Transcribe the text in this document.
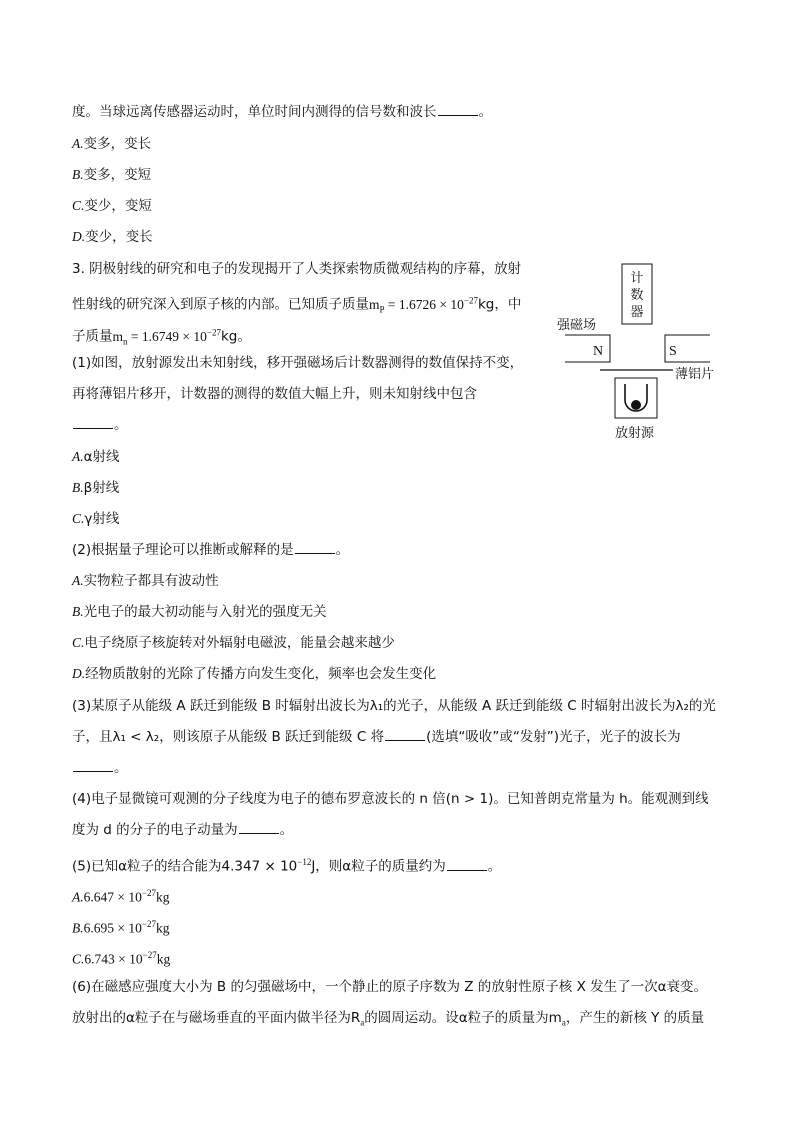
度。当球远离传感器运动时，单位时间内测得的信号数和波长	。
A.变多，变长
B.变多，变短
C.变少，变短
D.变少，变长
3. 阴极射线的研究和电子的发现揭开了人类探索物质微观结构的序幕，放射
性射线的研究深入到原子核的内部。已知质子质量$m_P = 1.6726 \times 10^{-27}kg$，中
子质量$m_n = 1.6749 \times 10^{-27}kg$。
(1)如图，放射源发出未知射线，移开强磁场后计数器测得的数值保持不变，
再将薄铝片移开，计数器的测得的数值大幅上升，则未知射线中包含
。
A.α射线
B.β射线
C.γ射线
(2)根据量子理论可以推断或解释的是	。
A.实物粒子都具有波动性
B.光电子的最大初动能与入射光的强度无关
C.电子绕原子核旋转对外辐射电磁波，能量会越来越少
D.经物质散射的光除了传播方向发生变化，频率也会发生变化
(3)某原子从能级 A 跃迁到能级 B 时辐射出波长为λ₁的光子，从能级 A 跃迁到能级 C 时辐射出波长为λ₂的光
子，且λ₁ < λ₂，则该原子从能级 B 跃迁到能级 C 将	(选填“吸收”或“发射”)光子，光子的波长为
。
(4)电子显微镜可观测的分子线度为电子的德布罗意波长的 n 倍(n > 1)。已知普朗克常量为 h。能观测到线
度为 d 的分子的电子动量为	。
(5)已知α粒子的结合能为$4.347 \times 10^{-12}J$，则α粒子的质量约为	。
$A.6.647 \times 10^{-27}kg$
$B.6.695 \times 10^{-27}kg$
$C.6.743 \times 10^{-27}kg$
(6)在磁感应强度大小为 B 的匀强磁场中，一个静止的原子序数为 Z 的放射性原子核 X 发生了一次α衰变。
放射出的α粒子在与磁场垂直的平面内做半径为$R_a$的圆周运动。设α粒子的质量为$m_a$，产生的新核 Y 的质量
计
数
器
强磁场
N	S
薄铝片
放射源
